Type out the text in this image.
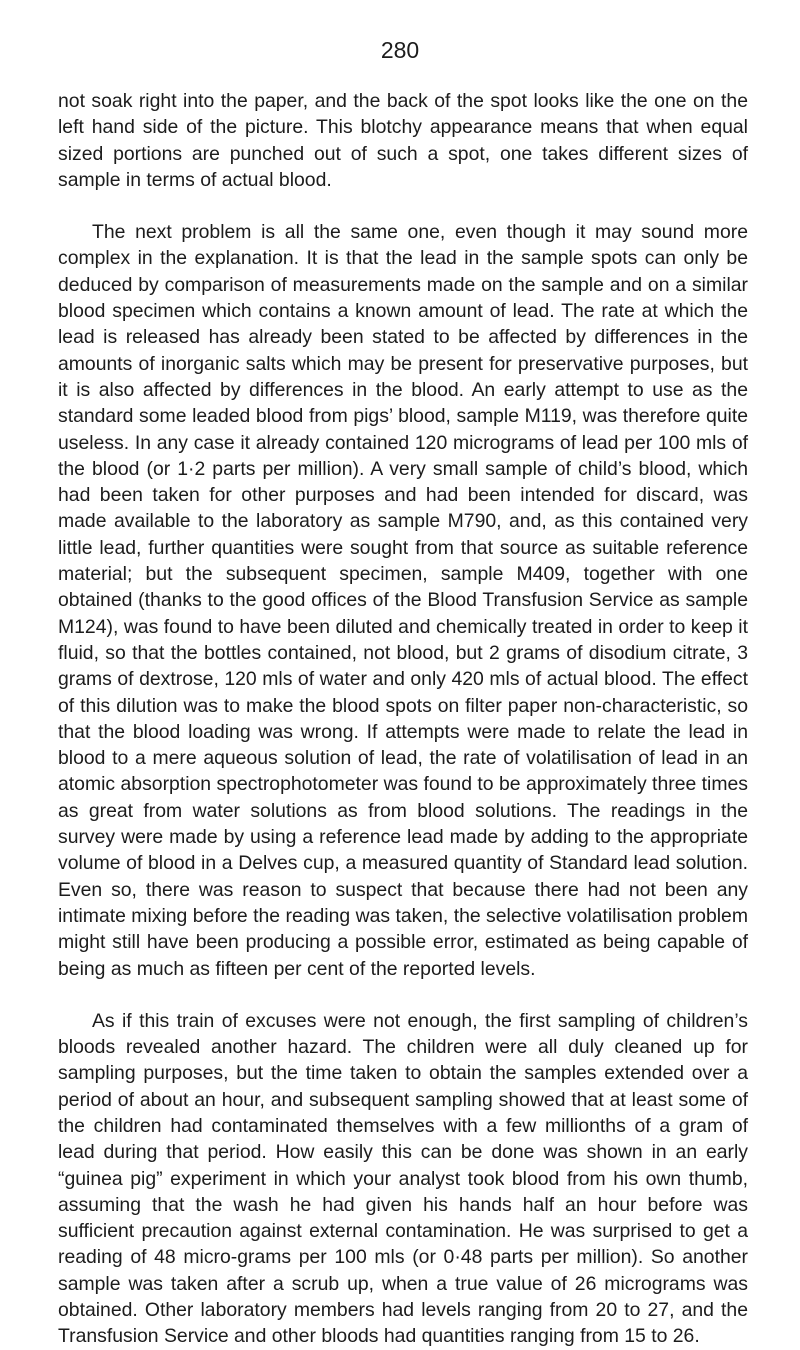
280

not soak right into the paper, and the back of the spot looks like the one on the left hand side of the picture. This blotchy appearance means that when equal sized portions are punched out of such a spot, one takes different sizes of sample in terms of actual blood.

The next problem is all the same one, even though it may sound more complex in the explanation. It is that the lead in the sample spots can only be deduced by comparison of measurements made on the sample and on a similar blood specimen which contains a known amount of lead. The rate at which the lead is released has already been stated to be affected by differences in the amounts of inorganic salts which may be present for preservative purposes, but it is also affected by differences in the blood. An early attempt to use as the standard some leaded blood from pigs’ blood, sample M119, was therefore quite useless. In any case it already contained 120 micrograms of lead per 100 mls of the blood (or 1·2 parts per million). A very small sample of child’s blood, which had been taken for other purposes and had been intended for discard, was made available to the laboratory as sample M790, and, as this contained very little lead, further quantities were sought from that source as suitable reference material; but the subsequent specimen, sample M409, together with one obtained (thanks to the good offices of the Blood Transfusion Service as sample M124), was found to have been diluted and chemically treated in order to keep it fluid, so that the bottles contained, not blood, but 2 grams of disodium citrate, 3 grams of dextrose, 120 mls of water and only 420 mls of actual blood. The effect of this dilution was to make the blood spots on filter paper non-characteristic, so that the blood loading was wrong. If attempts were made to relate the lead in blood to a mere aqueous solution of lead, the rate of volatilisation of lead in an atomic absorption spectrophotometer was found to be approximately three times as great from water solutions as from blood solutions. The readings in the survey were made by using a reference lead made by adding to the appropriate volume of blood in a Delves cup, a measured quantity of Standard lead solution. Even so, there was reason to suspect that because there had not been any intimate mixing before the reading was taken, the selective volatilisation problem might still have been producing a possible error, estimated as being capable of being as much as fifteen per cent of the reported levels.

As if this train of excuses were not enough, the first sampling of children’s bloods revealed another hazard. The children were all duly cleaned up for sampling purposes, but the time taken to obtain the samples extended over a period of about an hour, and subsequent sampling showed that at least some of the children had contaminated themselves with a few millionths of a gram of lead during that period. How easily this can be done was shown in an early “guinea pig” experiment in which your analyst took blood from his own thumb, assuming that the wash he had given his hands half an hour before was sufficient precaution against external contamination. He was surprised to get a reading of 48 micro-grams per 100 mls (or 0·48 parts per million). So another sample was taken after a scrub up, when a true value of 26 micrograms was obtained. Other laboratory members had levels ranging from 20 to 27, and the Transfusion Service and other bloods had quantities ranging from 15 to 26.
